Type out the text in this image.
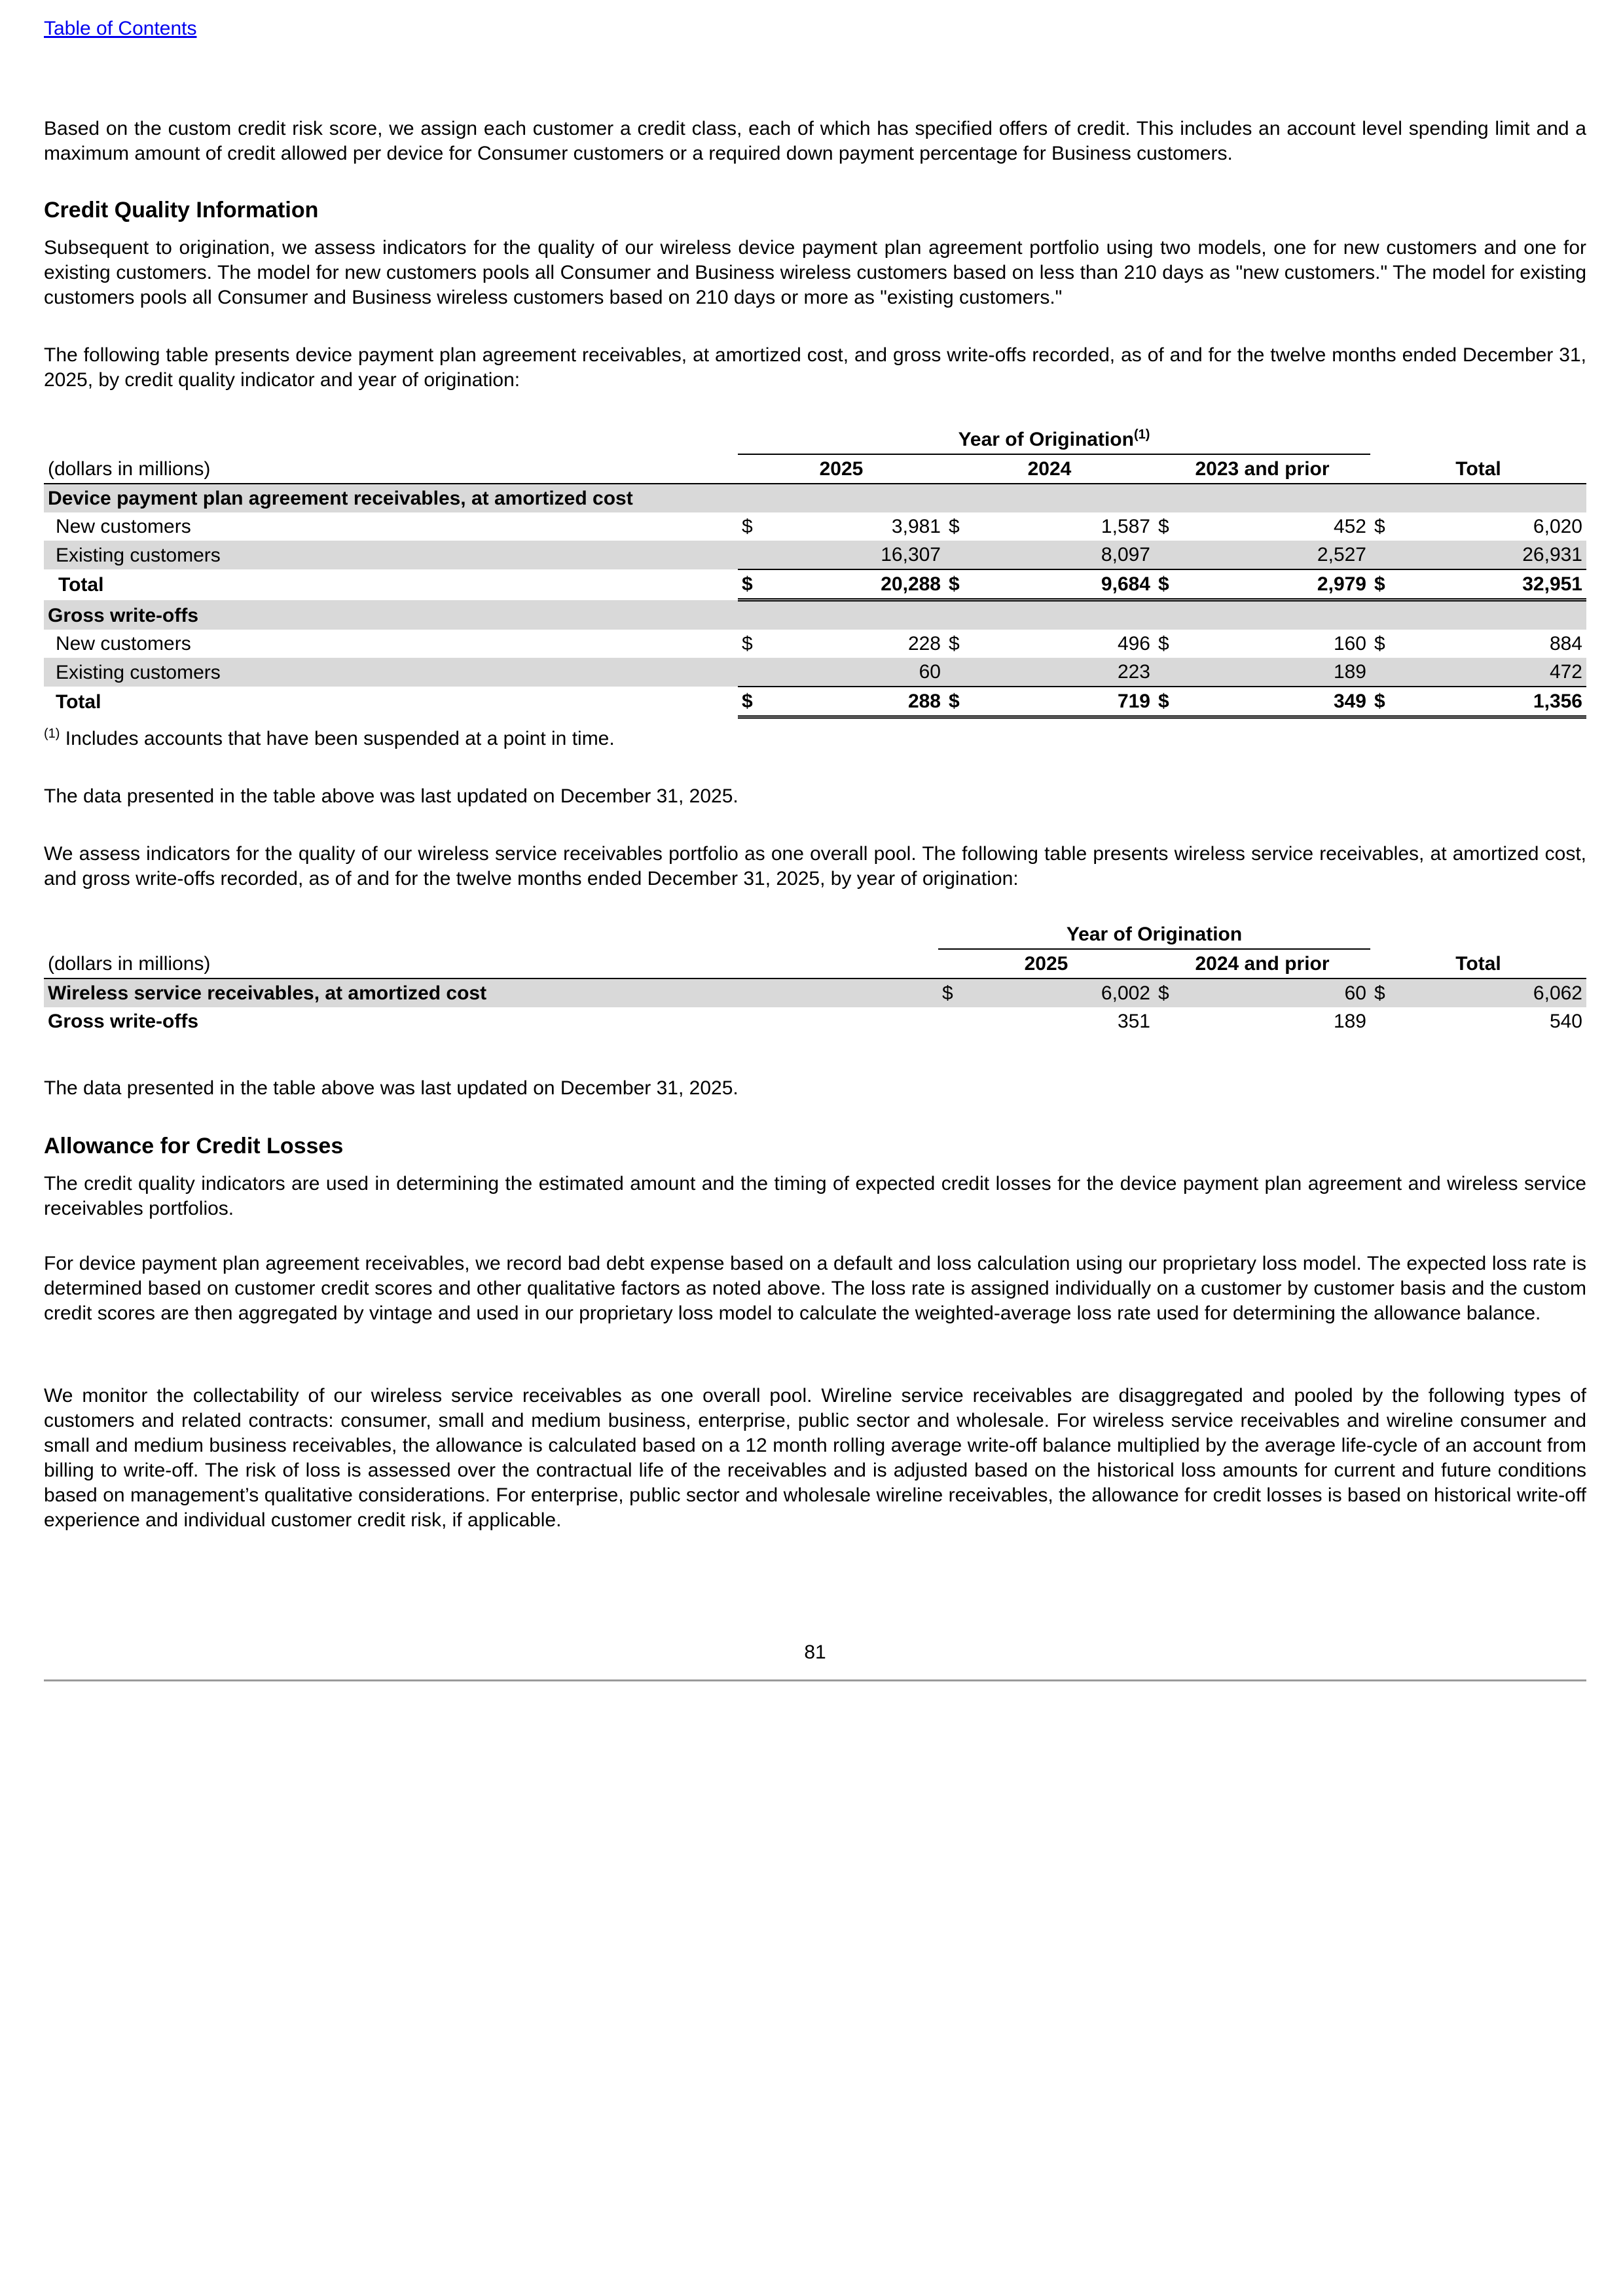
Table of Contents

Based on the custom credit risk score, we assign each customer a credit class, each of which has specified offers of credit. This includes an account level spending limit and a maximum amount of credit allowed per device for Consumer customers or a required down payment percentage for Business customers.

Credit Quality Information

Subsequent to origination, we assess indicators for the quality of our wireless device payment plan agreement portfolio using two models, one for new customers and one for existing customers. The model for new customers pools all Consumer and Business wireless customers based on less than 210 days as "new customers." The model for existing customers pools all Consumer and Business wireless customers based on 210 days or more as "existing customers."

The following table presents device payment plan agreement receivables, at amortized cost, and gross write-offs recorded, as of and for the twelve months ended December 31, 2025, by credit quality indicator and year of origination:

	Year of Origination$^{(1)}$	
(dollars in millions)	2025		2024		2023 and prior		Total	
Device payment plan agreement receivables, at amortized cost								
New customers	$	3,981	$	1,587	$	452	$	6,020
Existing customers		16,307		8,097		2,527		26,931
Total	$	20,288	$	9,684	$	2,979	$	32,951
Gross write-offs								
New customers	$	228	$	496	$	160	$	884
Existing customers		60		223		189		472
Total	$	288	$	719	$	349	$	1,356
$^{(1)}$ Includes accounts that have been suspended at a point in time.

The data presented in the table above was last updated on December 31, 2025.

We assess indicators for the quality of our wireless service receivables portfolio as one overall pool. The following table presents wireless service receivables, at amortized cost, and gross write-offs recorded, as of and for the twelve months ended December 31, 2025, by year of origination:

	Year of Origination					
(dollars in millions)	2025		2024 and prior		Total	
Wireless service receivables, at amortized cost	$	6,002	$	60	$	6,062
Gross write-offs		351		189		540

The data presented in the table above was last updated on December 31, 2025.

Allowance for Credit Losses

The credit quality indicators are used in determining the estimated amount and the timing of expected credit losses for the device payment plan agreement and wireless service receivables portfolios.

For device payment plan agreement receivables, we record bad debt expense based on a default and loss calculation using our proprietary loss model. The expected loss rate is determined based on customer credit scores and other qualitative factors as noted above. The loss rate is assigned individually on a customer by customer basis and the custom credit scores are then aggregated by vintage and used in our proprietary loss model to calculate the weighted-average loss rate used for determining the allowance balance.

We monitor the collectability of our wireless service receivables as one overall pool. Wireline service receivables are disaggregated and pooled by the following types of customers and related contracts: consumer, small and medium business, enterprise, public sector and wholesale. For wireless service receivables and wireline consumer and small and medium business receivables, the allowance is calculated based on a 12 month rolling average write-off balance multiplied by the average life-cycle of an account from billing to write-off. The risk of loss is assessed over the contractual life of the receivables and is adjusted based on the historical loss amounts for current and future conditions based on management’s qualitative considerations. For enterprise, public sector and wholesale wireline receivables, the allowance for credit losses is based on historical write-off experience and individual customer credit risk, if applicable.

81
